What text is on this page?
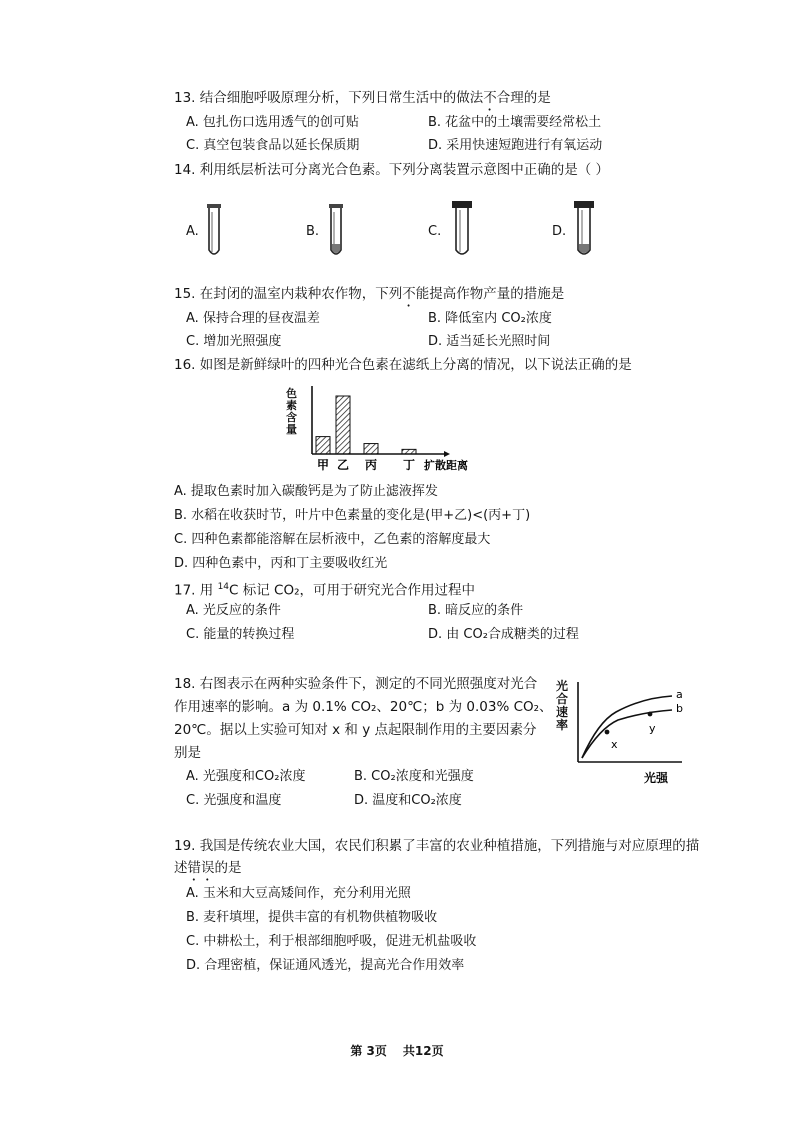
13. 结合细胞呼吸原理分析，下列日常生活中的做法不合理的是
A. 包扎伤口选用透气的创可贴	B. 花盆中的土壤需要经常松土
C. 真空包装食品以延长保质期	D. 采用快速短跑进行有氧运动
14. 利用纸层析法可分离光合色素。下列分离装置示意图中正确的是（ ）
A.	B.	C.	D.
15. 在封闭的温室内栽种农作物，下列不能提高作物产量的措施是
A. 保持合理的昼夜温差	B. 降低室内 CO₂浓度
C. 增加光照强度	D. 适当延长光照时间
16. 如图是新鲜绿叶的四种光合色素在滤纸上分离的情况，以下说法正确的是
甲 乙 丙 丁 扩散距离
色素含量
A. 提取色素时加入碳酸钙是为了防止滤液挥发
B. 水稻在收获时节，叶片中色素量的变化是(甲+乙)<(丙+丁)
C. 四种色素都能溶解在层析液中，乙色素的溶解度最大
D. 四种色素中，丙和丁主要吸收红光
17. 用 $^{14}$C 标记 CO₂，可用于研究光合作用过程中
A. 光反应的条件	B. 暗反应的条件
C. 能量的转换过程	D. 由 CO₂合成糖类的过程
18. 右图表示在两种实验条件下，测定的不同光照强度对光合
作用速率的影响。a 为 0.1% CO₂、20℃；b 为 0.03% CO₂、
20℃。据以上实验可知对 x 和 y 点起限制作用的主要因素分
别是
A. 光强度和CO₂浓度	B. CO₂浓度和光强度
C. 光强度和温度	D. 温度和CO₂浓度
a
b
x
y
光强
光合速率
19. 我国是传统农业大国，农民们积累了丰富的农业种植措施，下列措施与对应原理的描
述错误的是
A. 玉米和大豆高矮间作，充分利用光照
B. 麦秆填埋，提供丰富的有机物供植物吸收
C. 中耕松土，利于根部细胞呼吸，促进无机盐吸收
D. 合理密植，保证通风透光，提高光合作用效率
第 3页 共12页
